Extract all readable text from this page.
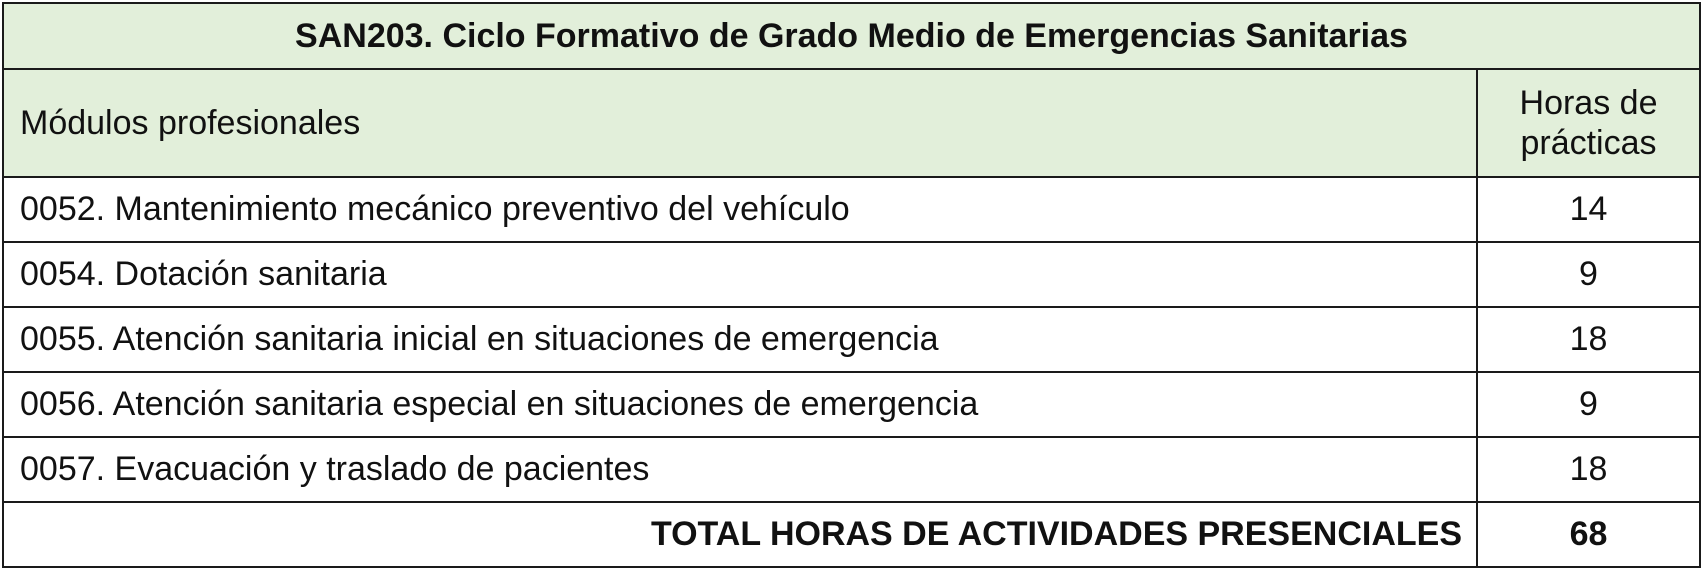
SAN203. Ciclo Formativo de Grado Medio de Emergencias Sanitarias	
Módulos profesionales	Horas de
prácticas

0052. Mantenimiento mecánico preventivo del vehículo	14
0054. Dotación sanitaria	9
0055. Atención sanitaria inicial en situaciones de emergencia	18
0056. Atención sanitaria especial en situaciones de emergencia	9
0057. Evacuación y traslado de pacientes	18
TOTAL HORAS DE ACTIVIDADES PRESENCIALES	68
